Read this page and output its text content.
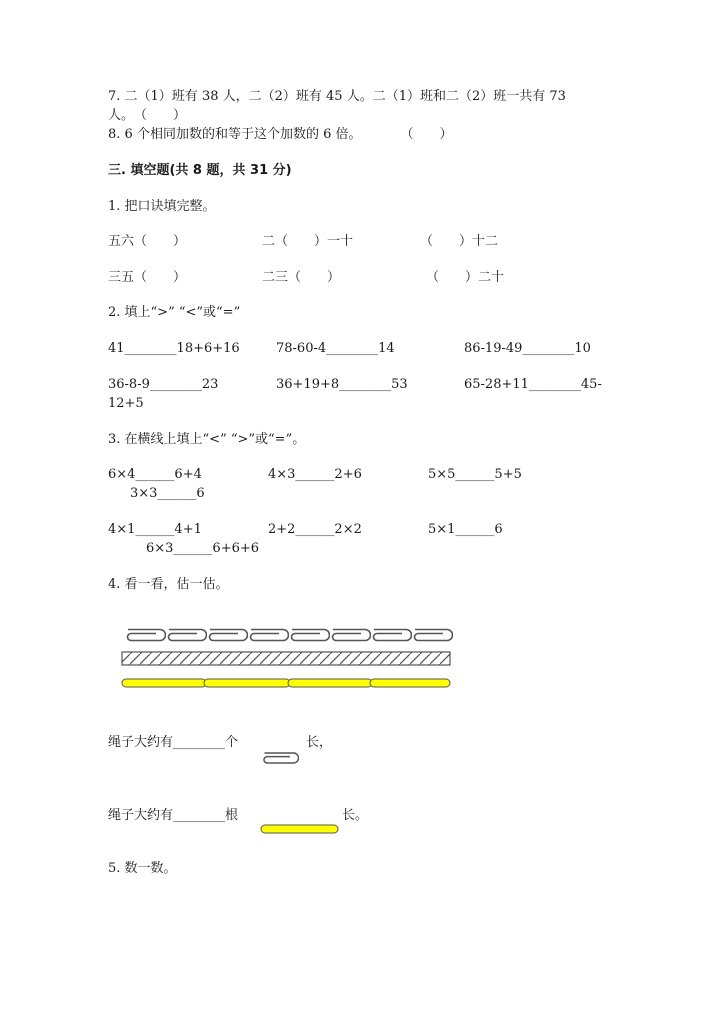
7. 二（1）班有 38 人，二（2）班有 45 人。二（1）班和二（2）班一共有 73
人。　（　　）
8. 6 个相同加数的和等于这个加数的 6 倍。　　　　（　　）
三. 填空题(共 8 题，共 31 分)
1. 把口诀填完整。
五六（　　）	二（　　）一十	（　　）十二
三五（　　）	二三（　　）	（　　）二十
2. 填上“>” “<”或“=”
41________18+6+16	78-60-4________14	86-19-49________10
36-8-9________23	36+19+8________53	65-28+11________45-
12+5
3. 在横线上填上“<” “>”或“=”。
6×4______6+4	4×3______2+6	5×5______5+5
3×3______6
4×1______4+1	2+2______2×2	5×1______6
6×3______6+6+6
4. 看一看，估一估。
绳子大约有________个	长，
绳子大约有________根	长。
5. 数一数。
